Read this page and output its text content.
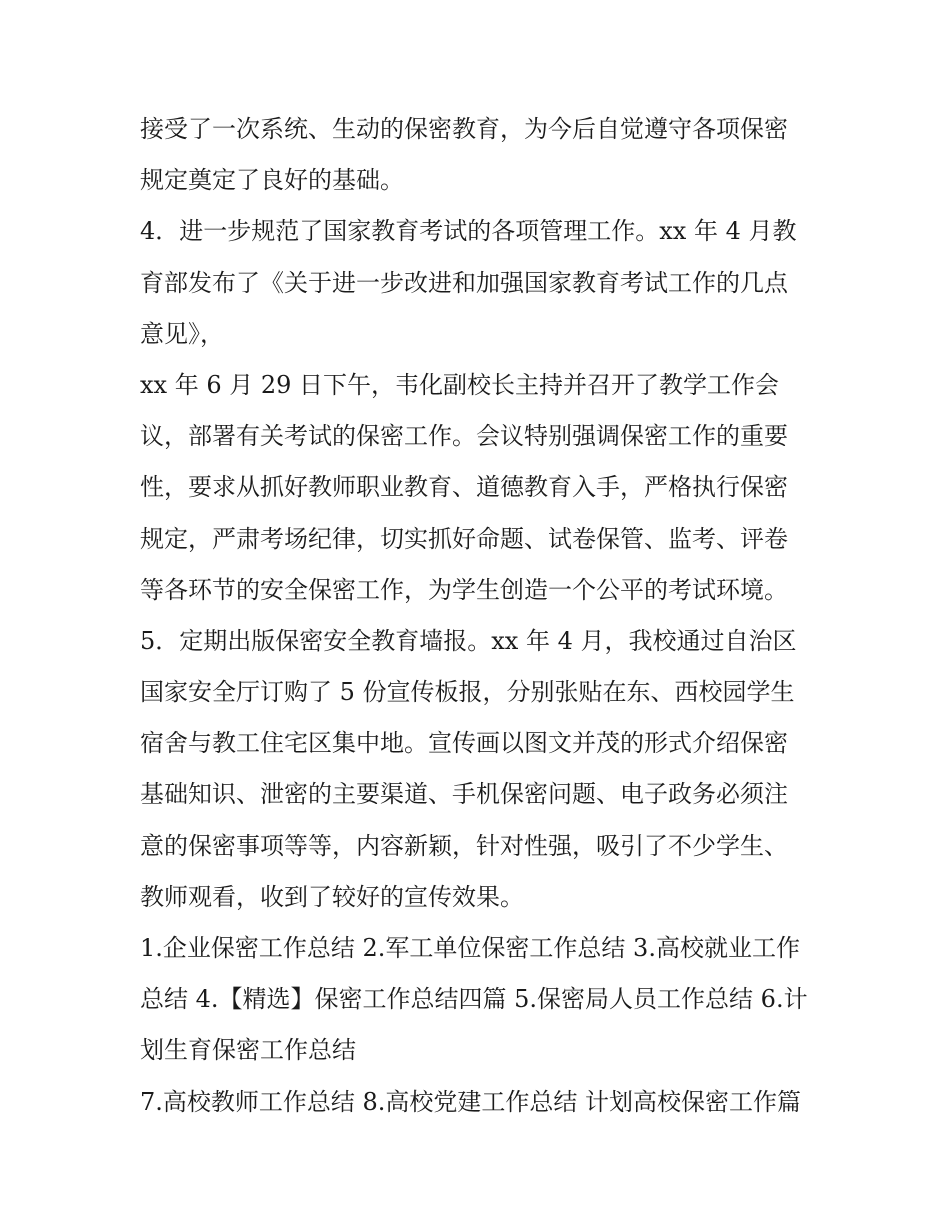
接受了一次系统、生动的保密教育，为今后自觉遵守各项保密
规定奠定了良好的基础。
4．进一步规范了国家教育考试的各项管理工作。xx 年 4 月教
育部发布了《关于进一步改进和加强国家教育考试工作的几点
意见》，
xx 年 6 月 29 日下午，韦化副校长主持并召开了教学工作会
议，部署有关考试的保密工作。会议特别强调保密工作的重要
性，要求从抓好教师职业教育、道德教育入手，严格执行保密
规定，严肃考场纪律，切实抓好命题、试卷保管、监考、评卷
等各环节的安全保密工作，为学生创造一个公平的考试环境。
5．定期出版保密安全教育墙报。xx 年 4 月，我校通过自治区
国家安全厅订购了 5 份宣传板报，分别张贴在东、西校园学生
宿舍与教工住宅区集中地。宣传画以图文并茂的形式介绍保密
基础知识、泄密的主要渠道、手机保密问题、电子政务必须注
意的保密事项等等，内容新颖，针对性强，吸引了不少学生、
教师观看，收到了较好的宣传效果。
1.企业保密工作总结 2.军工单位保密工作总结 3.高校就业工作
总结 4.【精选】保密工作总结四篇 5.保密局人员工作总结 6.计
划生育保密工作总结
7.高校教师工作总结 8.高校党建工作总结 计划高校保密工作篇
